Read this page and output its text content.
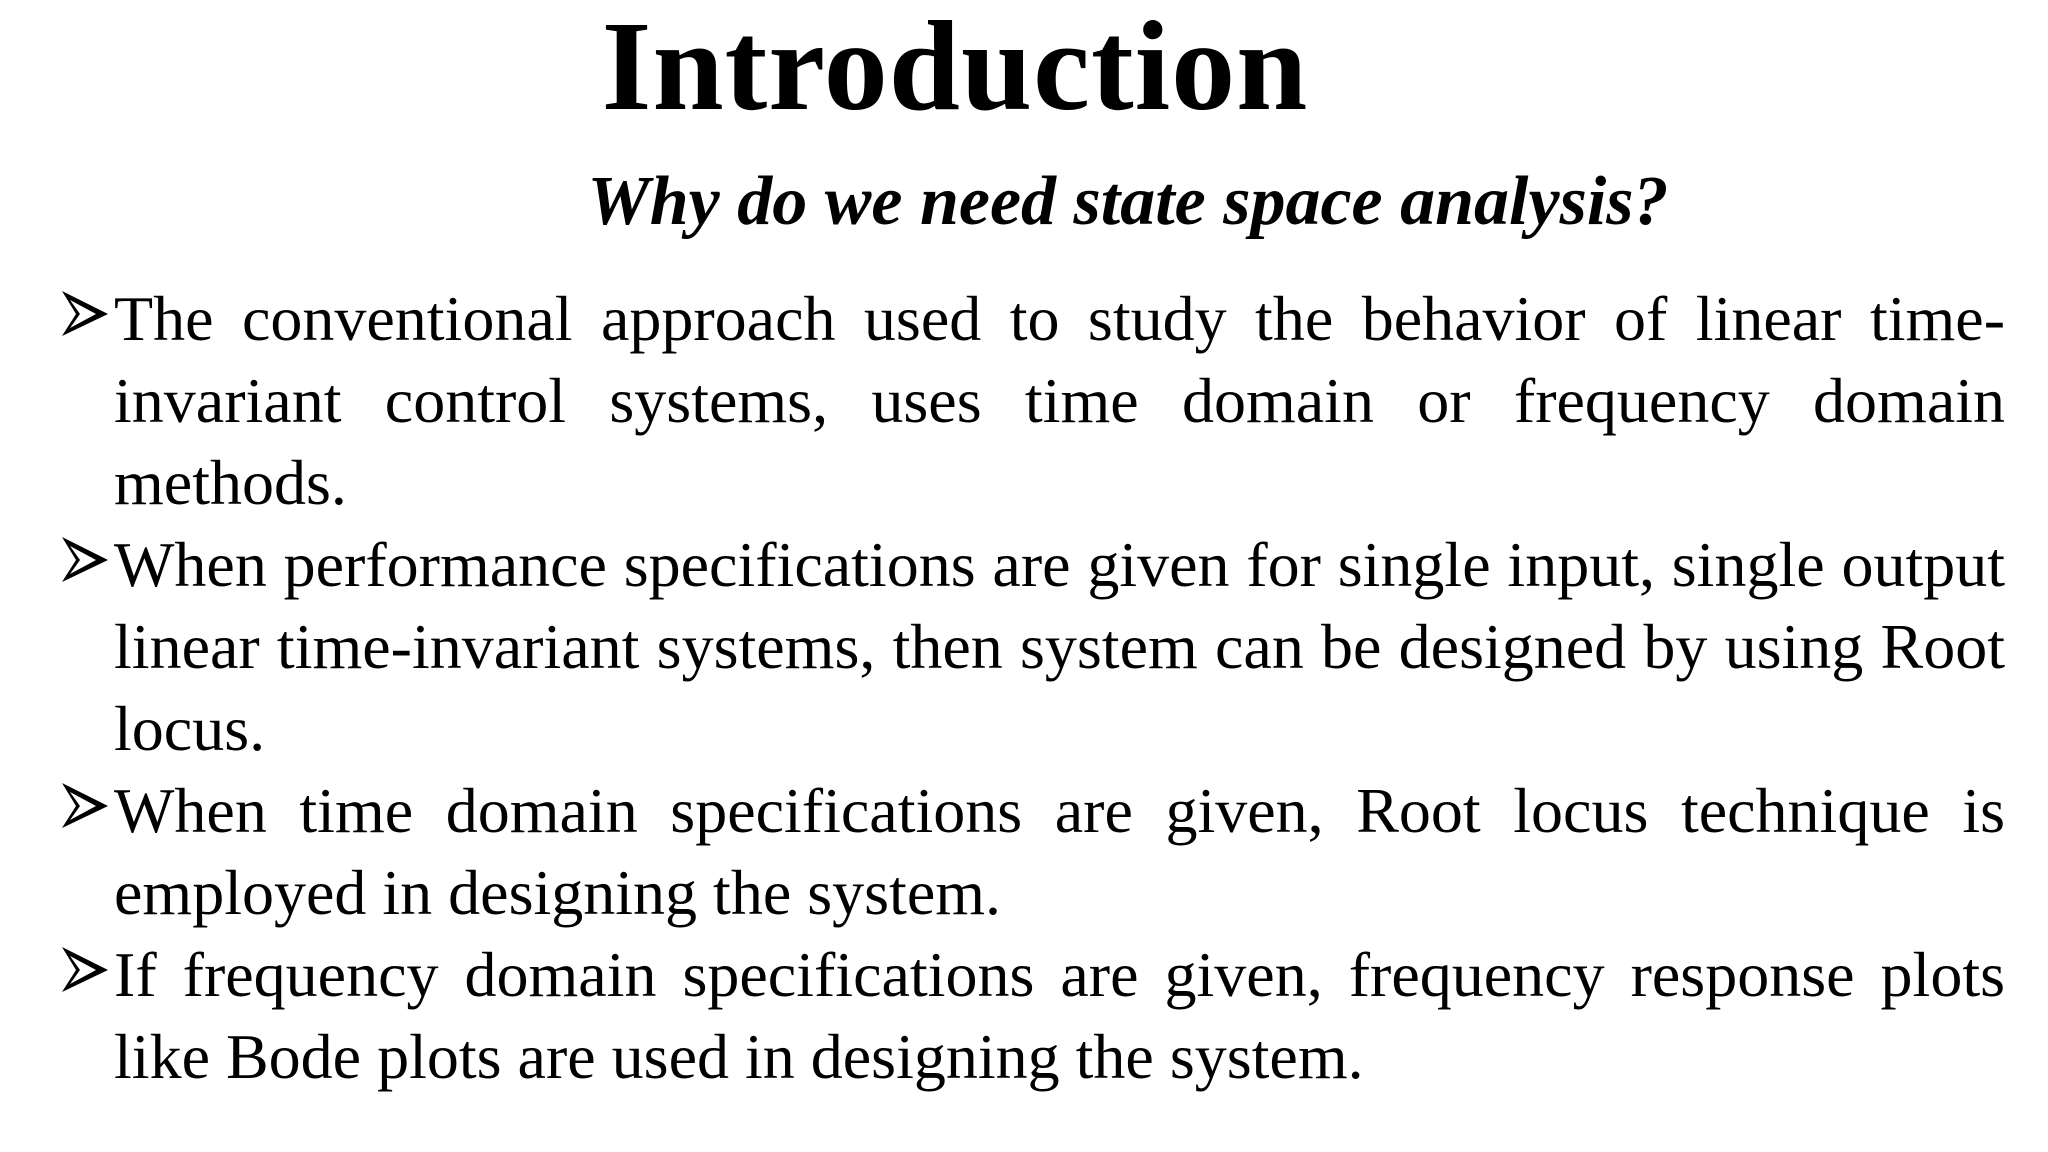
Introduction
Why do we need state space analysis?
The conventional approach used to study the behavior of linear time-invariant control systems, uses time domain or frequency domain methods.
When performance specifications are given for single input, single output linear time-invariant systems, then system can be designed by using Root locus.
When time domain specifications are given, Root locus technique is employed in designing the system.
If frequency domain specifications are given, frequency response plots like Bode plots are used in designing the system.
